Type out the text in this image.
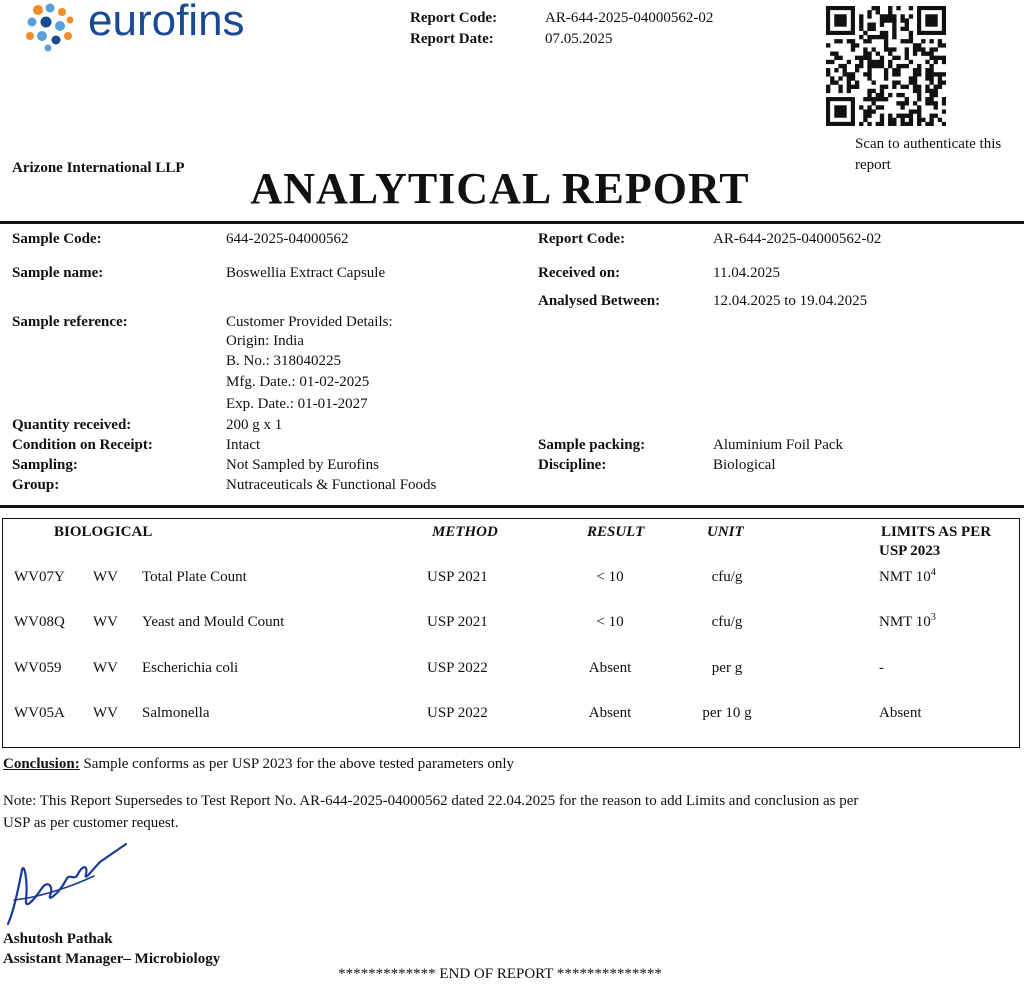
eurofins	Report Code:	AR-644-2025-04000562-02
Report Date:	07.05.2025
Scan to authenticate this report
Arizone International LLP	ANALYTICAL REPORT
Sample Code:	644-2025-04000562
Sample name:	Boswellia Extract Capsule
Sample reference:	Customer Provided Details:
Origin: India
B. No.: 318040225
Mfg. Date.: 01-02-2025
Exp. Date.: 01-01-2027
Quantity received:	200 g x 1
Condition on Receipt:	Intact
Sampling:	Not Sampled by Eurofins
Group:	Nutraceuticals & Functional Foods
Report Code:	AR-644-2025-04000562-02
Received on:	11.04.2025
Analysed Between:	12.04.2025 to 19.04.2025
Sample packing:	Aluminium Foil Pack
Discipline:	Biological
BIOLOGICAL	METHOD	RESULT	UNIT	LIMITS AS PER
USP 2023
WV07Y WV Total Plate Count	USP 2021	< 10	cfu/g	NMT $10^4$
WV08Q WV Yeast and Mould Count	USP 2021	< 10	cfu/g	NMT $10^3$
WV059 WV Escherichia coli	USP 2022	Absent	per g	-
WV05A WV Salmonella	USP 2022	Absent	per 10 g	Absent
Conclusion: Sample conforms as per USP 2023 for the above tested parameters only
Note: This Report Supersedes to Test Report No. AR-644-2025-04000562 dated 22.04.2025 for the reason to add Limits and conclusion as per
USP as per customer request.
Ashutosh Pathak
Assistant Manager– Microbiology
************* END OF REPORT **************
